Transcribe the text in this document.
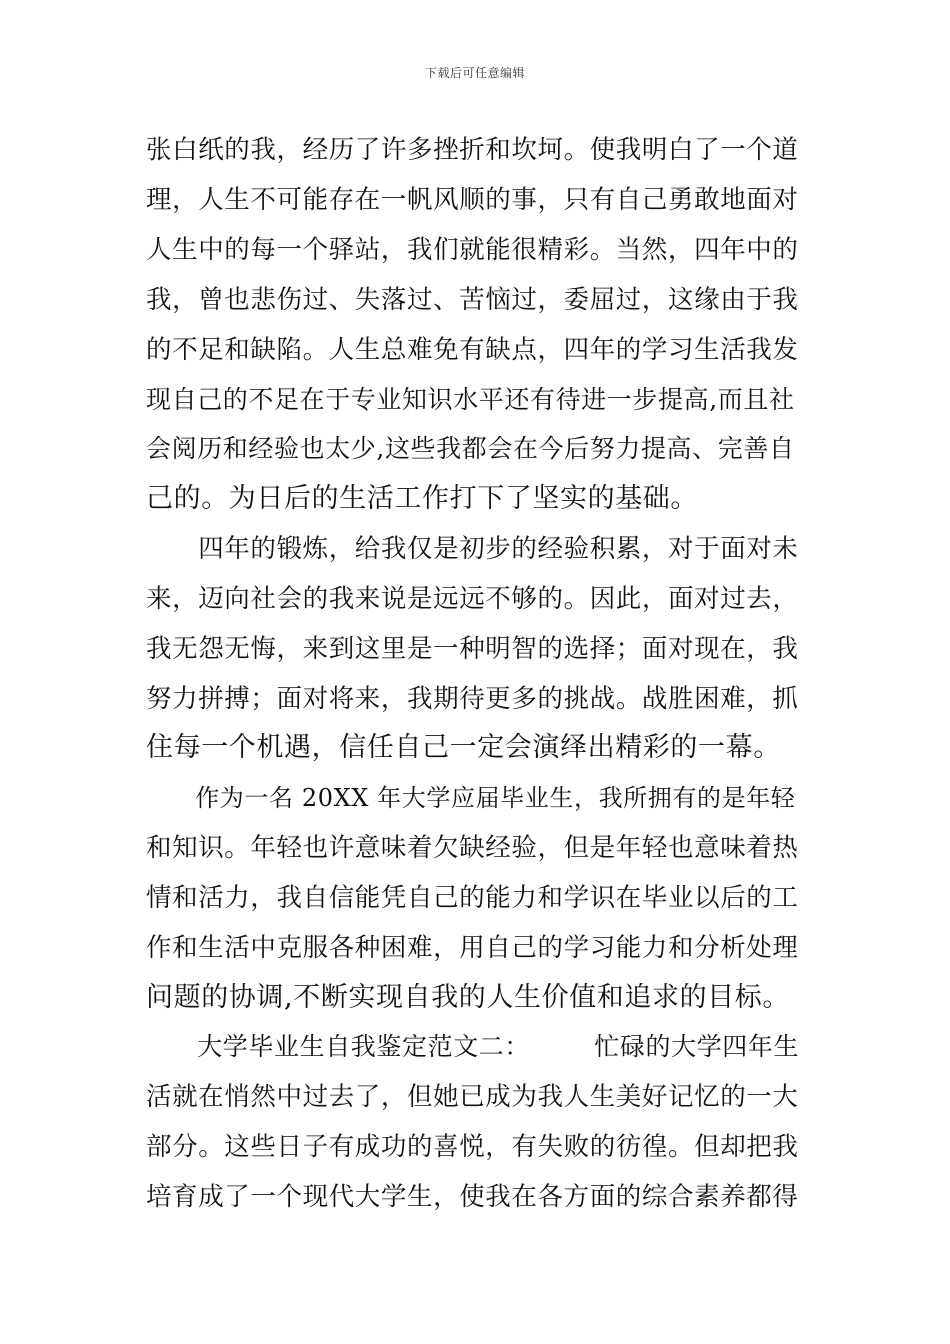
下载后可任意编辑
张白纸的我，经历了许多挫折和坎坷。使我明白了一个道
理，人生不可能存在一帆风顺的事，只有自己勇敢地面对
人生中的每一个驿站，我们就能很精彩。当然，四年中的
我，曾也悲伤过、失落过、苦恼过，委屈过，这缘由于我
的不足和缺陷。人生总难免有缺点，四年的学习生活我发
现自己的不足在于专业知识水平还有待进一步提高,而且社
会阅历和经验也太少,这些我都会在今后努力提高、完善自
己的。为日后的生活工作打下了坚实的基础。
　　四年的锻炼，给我仅是初步的经验积累，对于面对未
来，迈向社会的我来说是远远不够的。因此，面对过去，
我无怨无悔，来到这里是一种明智的选择；面对现在，我
努力拼搏；面对将来，我期待更多的挑战。战胜困难，抓
住每一个机遇，信任自己一定会演绎出精彩的一幕。
　　作为一名 20XX 年大学应届毕业生，我所拥有的是年轻
和知识。年轻也许意味着欠缺经验，但是年轻也意味着热
情和活力，我自信能凭自己的能力和学识在毕业以后的工
作和生活中克服各种困难，用自己的学习能力和分析处理
问题的协调,不断实现自我的人生价值和追求的目标。
　　大学毕业生自我鉴定范文二：　　　忙碌的大学四年生
活就在悄然中过去了，但她已成为我人生美好记忆的一大
部分。这些日子有成功的喜悦，有失败的彷徨。但却把我
培育成了一个现代大学生，使我在各方面的综合素养都得
